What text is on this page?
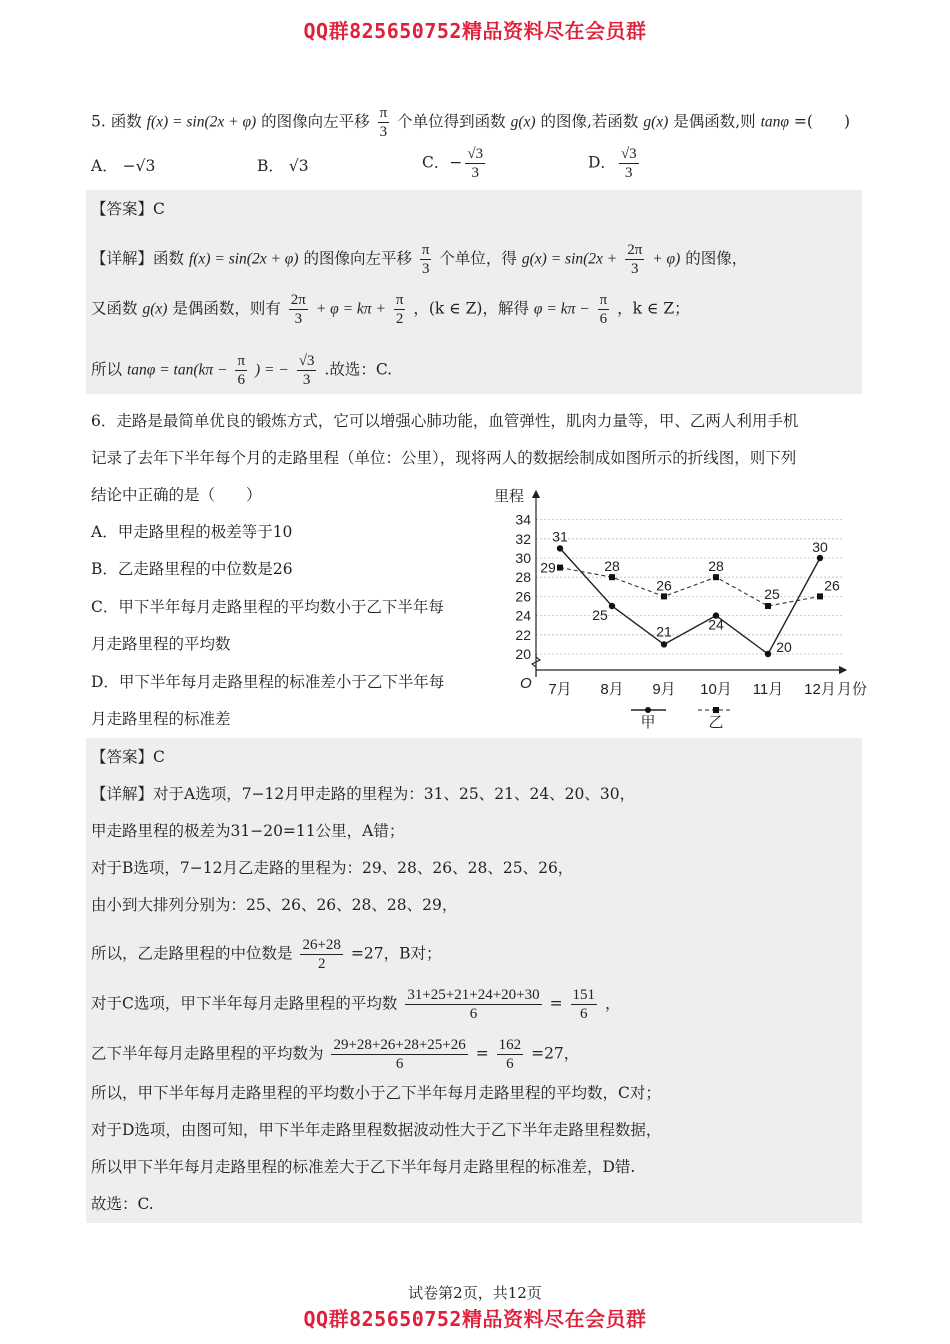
QQ群825650752精品资料尽在会员群
5. 函数 f(x) = sin(2x + φ) 的图像向左平移 $\frac{\pi}{3}$ 个单位得到函数 g(x) 的图像,若函数 g(x) 是偶函数,则 tanφ =(　　)
A． −√3	B． √3	C．− $\frac{√3}{3}$	D． $\frac{√3}{3}$
【答案】C
【详解】函数 f(x) = sin(2x + φ) 的图像向左平移 $\frac{\pi}{3}$ 个单位，得 $g(x) = \sin(2x + \frac{2\pi}{3} + \varphi)$ 的图像，
又函数 g(x) 是偶函数，则有 $\frac{2\pi}{3} + \varphi = k\pi + \frac{\pi}{2}$ ，(k ∈ Z)，解得 $\varphi = k\pi - \frac{\pi}{6}$ ，k ∈ Z；
所以 $\tan\varphi = \tan(k\pi - \frac{\pi}{6}$ ) = − $\frac{√3}{3}$ .故选：C.
6．走路是最简单优良的锻炼方式，它可以增强心肺功能，血管弹性，肌肉力量等，甲、乙两人利用手机
记录了去年下半年每个月的走路里程（单位：公里），现将两人的数据绘制成如图所示的折线图，则下列
结论中正确的是（　　）
A．甲走路里程的极差等于10
B．乙走路里程的中位数是26
C．甲下半年每月走路里程的平均数小于乙下半年每
月走路里程的平均数
D．甲下半年每月走路里程的标准差小于乙下半年每
月走路里程的标准差
20
22
24
26
28
30
32
34
里程
O	月份
7月 8月 9月 10月 11月 12月
31
25
21	24
20
30
29	28
26
28
25
26
甲	乙
【答案】C
【详解】对于A选项，7−12月甲走路的里程为：31、25、21、24、20、30，
甲走路里程的极差为31−20=11公里，A错；
对于B选项，7−12月乙走路的里程为：29、28、26、28、25、26，
由小到大排列分别为：25、26、26、28、28、29，
所以，乙走路里程的中位数是 $\frac{26+28}{2} =27$，B对；
对于C选项，甲下半年每月走路里程的平均数 $\frac{31+25+21+24+20+30}{6} = \frac{151}{6}$ ，
乙下半年每月走路里程的平均数为 $\frac{29+28+26+28+25+26}{6} = \frac{162}{6} =27$，
所以，甲下半年每月走路里程的平均数小于乙下半年每月走路里程的平均数，C对；
对于D选项，由图可知，甲下半年走路里程数据波动性大于乙下半年走路里程数据，
所以甲下半年每月走路里程的标准差大于乙下半年每月走路里程的标准差，D错.
故选：C.
试卷第2页，共12页
QQ群825650752精品资料尽在会员群
